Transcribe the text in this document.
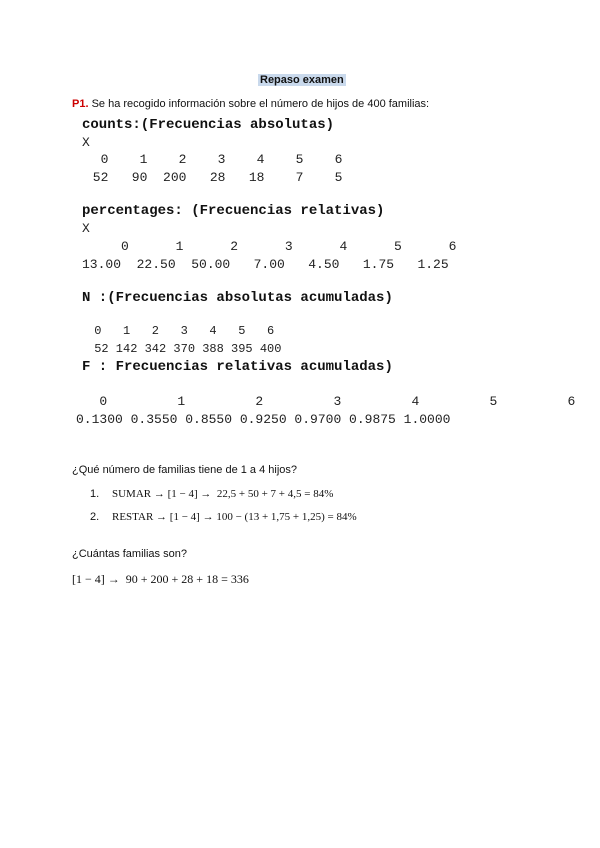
Repaso examen
P1. Se ha recogido información sobre el número de hijos de 400 familias:
counts:(Frecuencias absolutas)
X
0    1    2    3    4    5    6
52   90  200   28   18    7    5
percentages: (Frecuencias relativas)
X
0      1      2      3      4      5      6
13.00  22.50  50.00   7.00   4.50   1.75   1.25
N :(Frecuencias absolutas acumuladas)
0   1   2   3   4   5   6
52 142 342 370 388 395 400
F : Frecuencias relativas acumuladas)
0         1         2         3         4         5         6
0.1300 0.3550 0.8550 0.9250 0.9700 0.9875 1.0000
¿Qué número de familias tiene de 1 a 4 hijos?
1. SUMAR → [1 − 4] →  22,5 + 50 + 7 + 4,5 = 84%
2. RESTAR → [1 − 4] → 100 − (13 + 1,75 + 1,25) = 84%
¿Cuántas familias son?
[1 − 4] →  90 + 200 + 28 + 18 = 336
